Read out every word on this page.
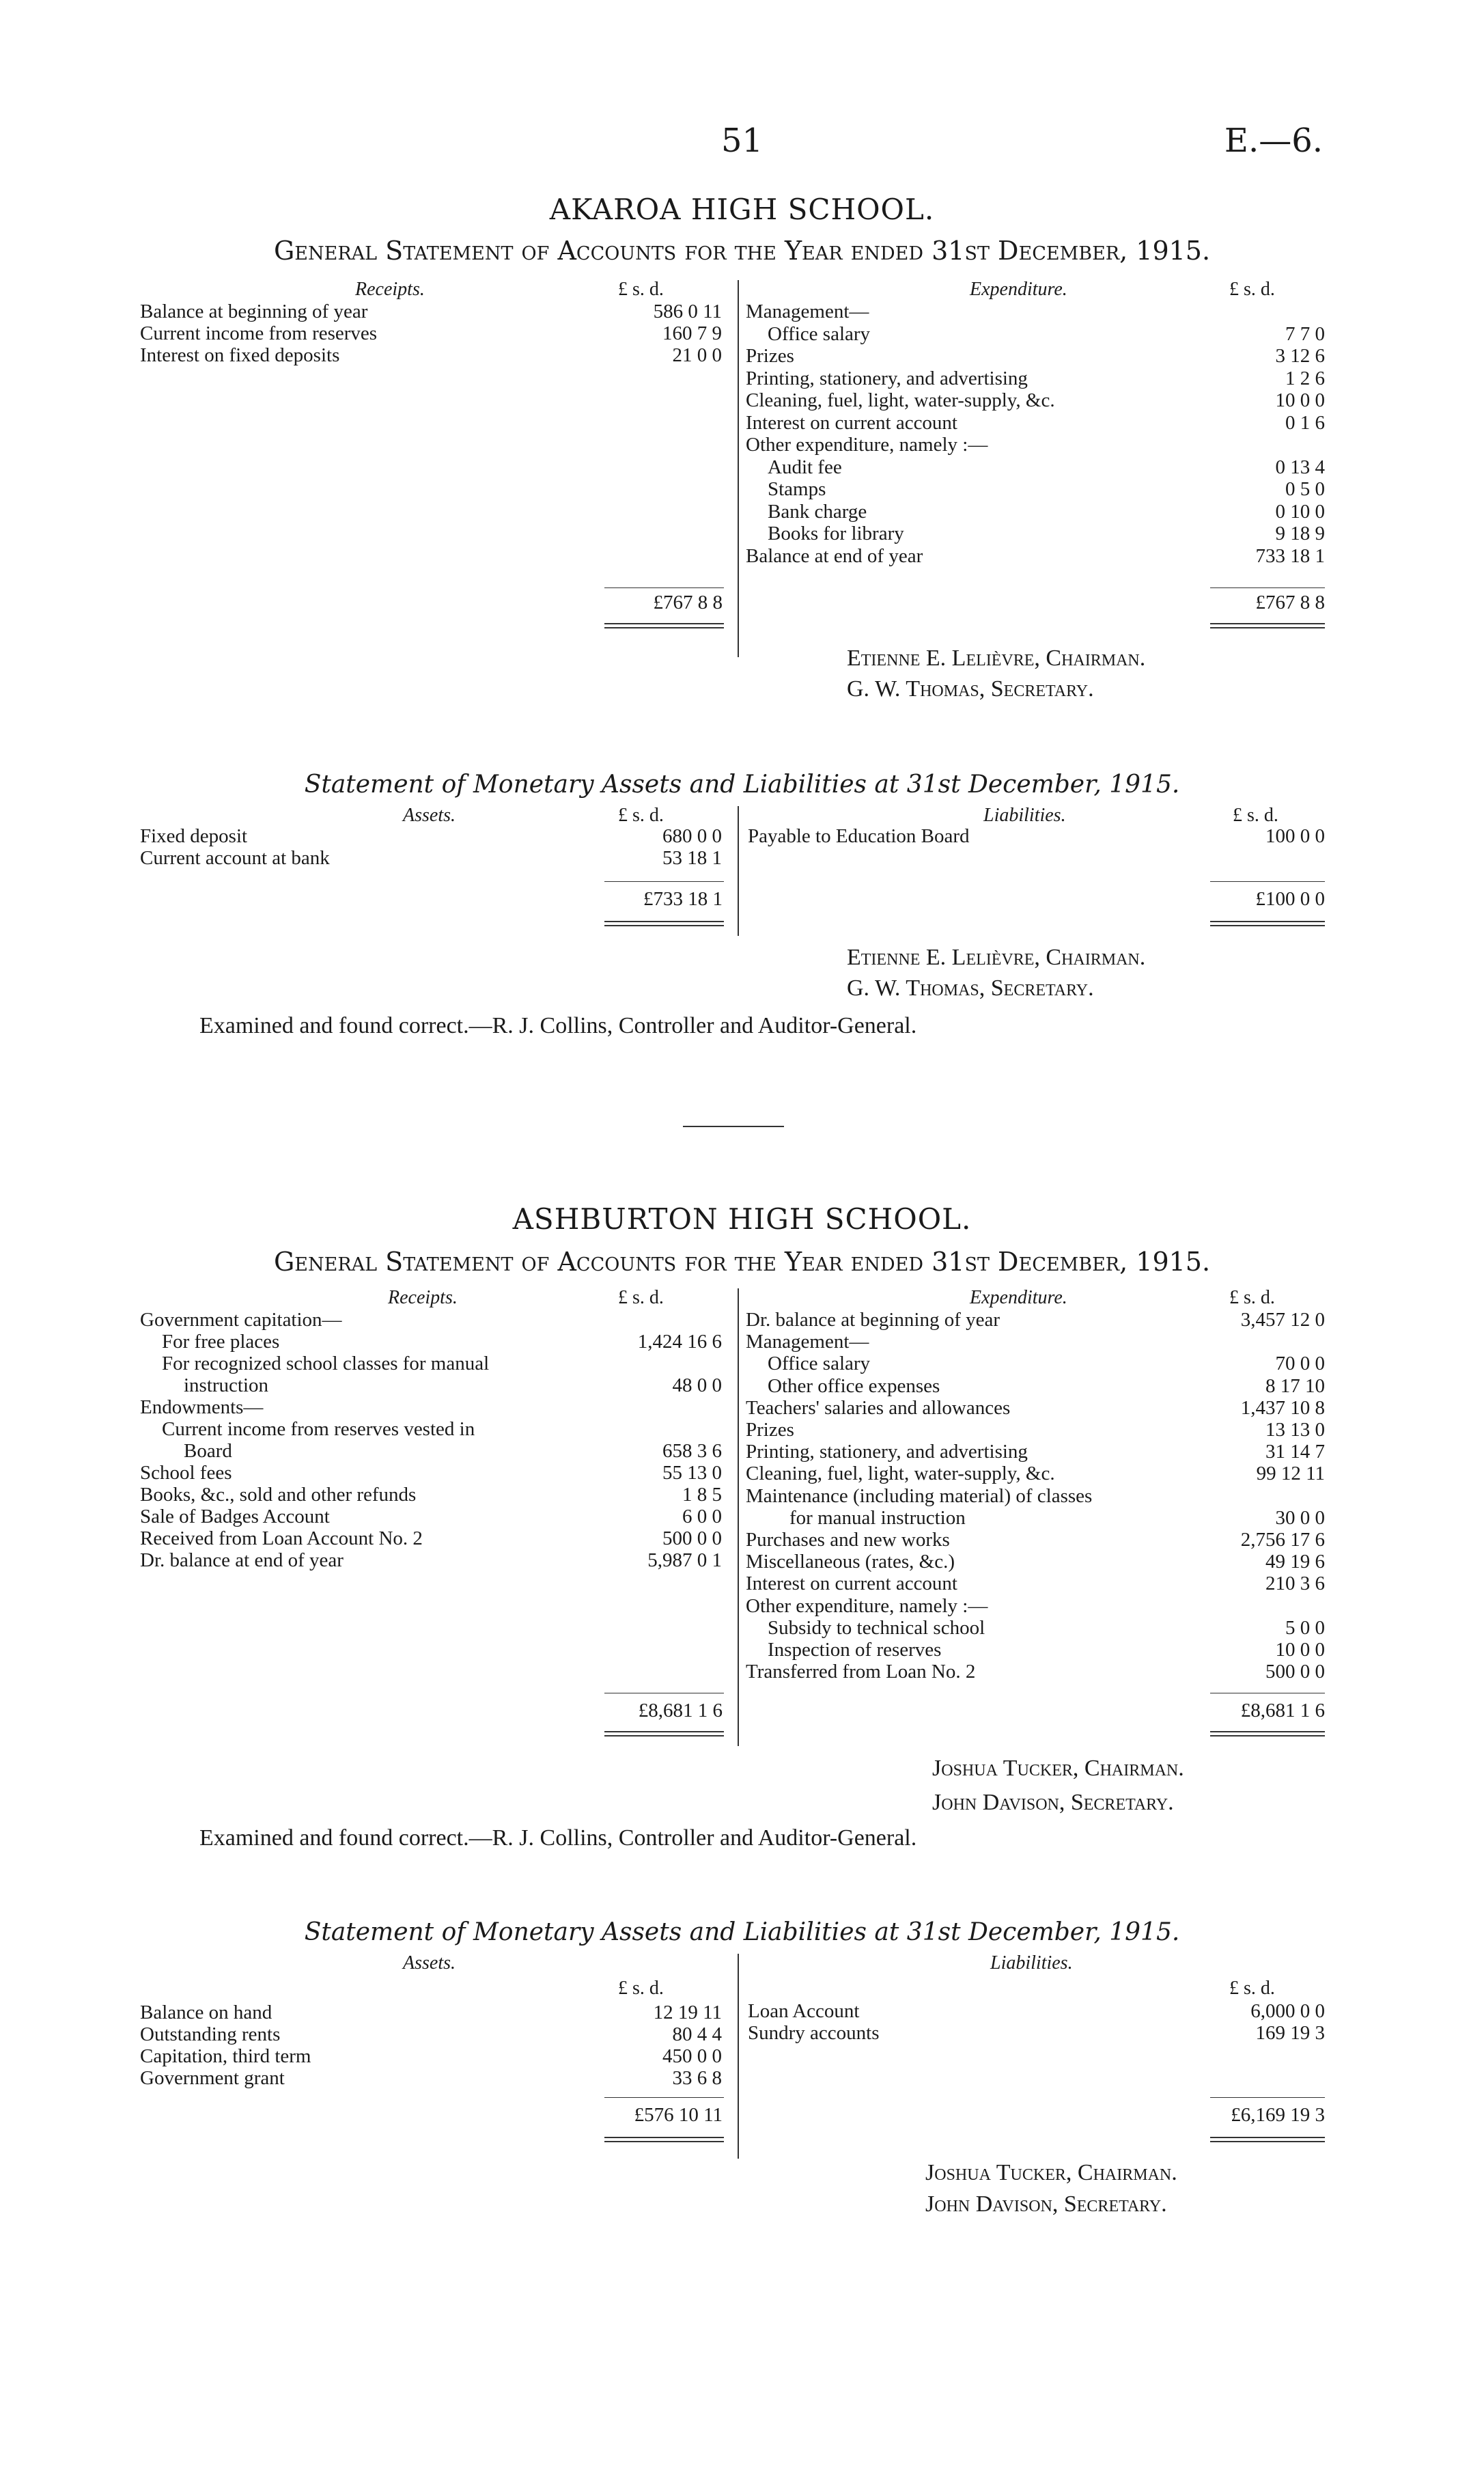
51	E.—6.
AKAROA HIGH SCHOOL.
General Statement of Accounts for the Year ended 31st December, 1915.
Receipts.	£ s. d.	Expenditure.	£ s. d.
Balance at beginning of year	586 0 11
Current income from reserves	160 7 9
Interest on fixed deposits	21 0 0
Management—
Office salary	7 7 0
Prizes	3 12 6
Printing, stationery, and advertising	1 2 6
Cleaning, fuel, light, water-supply, &c.	10 0 0
Interest on current account	0 1 6
Other expenditure, namely :—
Audit fee	0 13 4
Stamps	0 5 0
Bank charge	0 10 0
Books for library	9 18 9
Balance at end of year	733 18 1
£767 8 8	£767 8 8
Etienne E. Lelièvre, Chairman.
G. W. Thomas, Secretary.
Statement of Monetary Assets and Liabilities at 31st December, 1915.
Assets.	£ s. d.	Liabilities.	£ s. d.
Fixed deposit	680 0 0
Current account at bank	53 18 1
Payable to Education Board	100 0 0
£733 18 1	£100 0 0
Etienne E. Lelièvre, Chairman.
G. W. Thomas, Secretary.
Examined and found correct.—R. J. Collins, Controller and Auditor-General.
ASHBURTON HIGH SCHOOL.
General Statement of Accounts for the Year ended 31st December, 1915.
Receipts.	£ s. d.	Expenditure.	£ s. d.
Government capitation—
For free places	1,424 16 6
For recognized school classes for manual
instruction	48 0 0
Endowments—
Current income from reserves vested in
Board	658 3 6
School fees	55 13 0
Books, &c., sold and other refunds	1 8 5
Sale of Badges Account	6 0 0
Received from Loan Account No. 2	500 0 0
Dr. balance at end of year	5,987 0 1
Dr. balance at beginning of year	3,457 12 0
Management—
Office salary	70 0 0
Other office expenses	8 17 10
Teachers' salaries and allowances	1,437 10 8
Prizes	13 13 0
Printing, stationery, and advertising	31 14 7
Cleaning, fuel, light, water-supply, &c.	99 12 11
Maintenance (including material) of classes
for manual instruction	30 0 0
Purchases and new works	2,756 17 6
Miscellaneous (rates, &c.)	49 19 6
Interest on current account	210 3 6
Other expenditure, namely :—
Subsidy to technical school	5 0 0
Inspection of reserves	10 0 0
Transferred from Loan No. 2	500 0 0
£8,681 1 6	£8,681 1 6
Joshua Tucker, Chairman.
John Davison, Secretary.
Examined and found correct.—R. J. Collins, Controller and Auditor-General.
Statement of Monetary Assets and Liabilities at 31st December, 1915.
Assets.	Liabilities.
£ s. d.	£ s. d.
Balance on hand	12 19 11
Outstanding rents	80 4 4
Capitation, third term	450 0 0
Government grant	33 6 8
Loan Account	6,000 0 0
Sundry accounts	169 19 3
£576 10 11	£6,169 19 3
Joshua Tucker, Chairman.
John Davison, Secretary.
